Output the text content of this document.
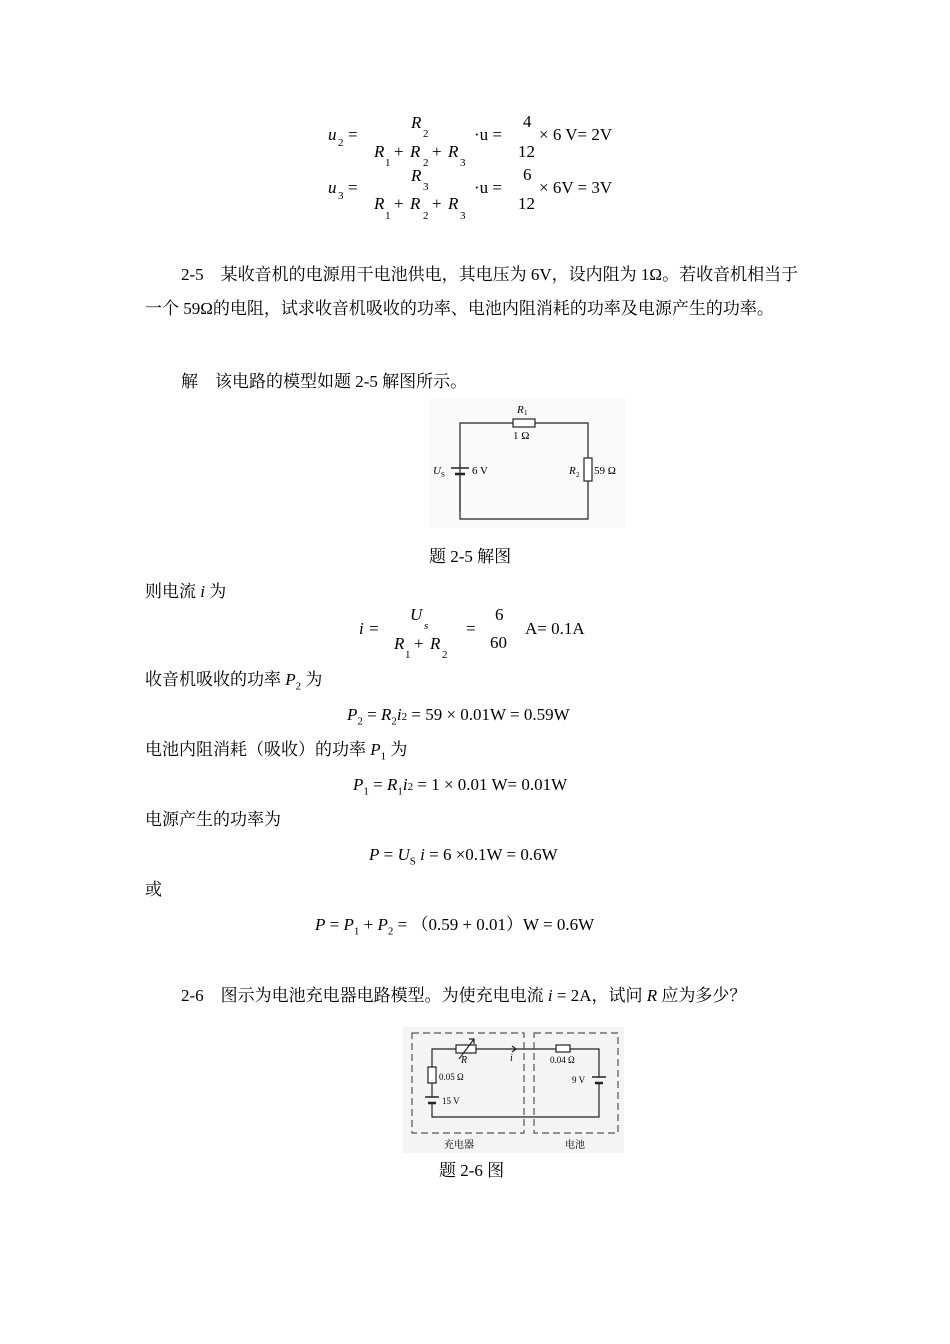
u 2 =
R
2
R
1
+ R
2
+ R
3
·u =
4
12
× 6 V= 2V
u 3 =
R
3
R
1
+ R
2
+ R
3
·u =
6
12
× 6V = 3V

2-5　某收音机的电源用干电池供电，其电压为 6V，设内阻为 1Ω。若收音机相当于一个 59Ω的电阻，试求收音机吸收的功率、电池内阻消耗的功率及电源产生的功率。

解　该电路的模型如题 2-5 解图所示。

R 1
1 Ω
U S 6 V	R 2 59 Ω
题 2-5 解图
则电流 i 为
i =
U
s
R
1
+ R
2
=
6
60
A= 0.1A
收音机吸收的功率 $P_2$ 为
$P_2 = R_2i2 = 59 \times 0.01W = 0.59W$
电池内阻消耗（吸收）的功率 $P_1$ 为
$P_1 = R_1i2 = 1 \times 0.01$ W= 0.01W
电源产生的功率为
$P = U_S$ i = 6 ×0.1W = 0.6W
或
$P = P_1 + P_2 = (0.59 + 0.01)W = 0.6W$
2-6　图示为电池充电器电路模型。为使充电电流 i = 2A，试问 R 应为多少？
R	i
0.05 Ω
15 V
0.04 Ω
9 V
充电器	电池
题 2-6 图
